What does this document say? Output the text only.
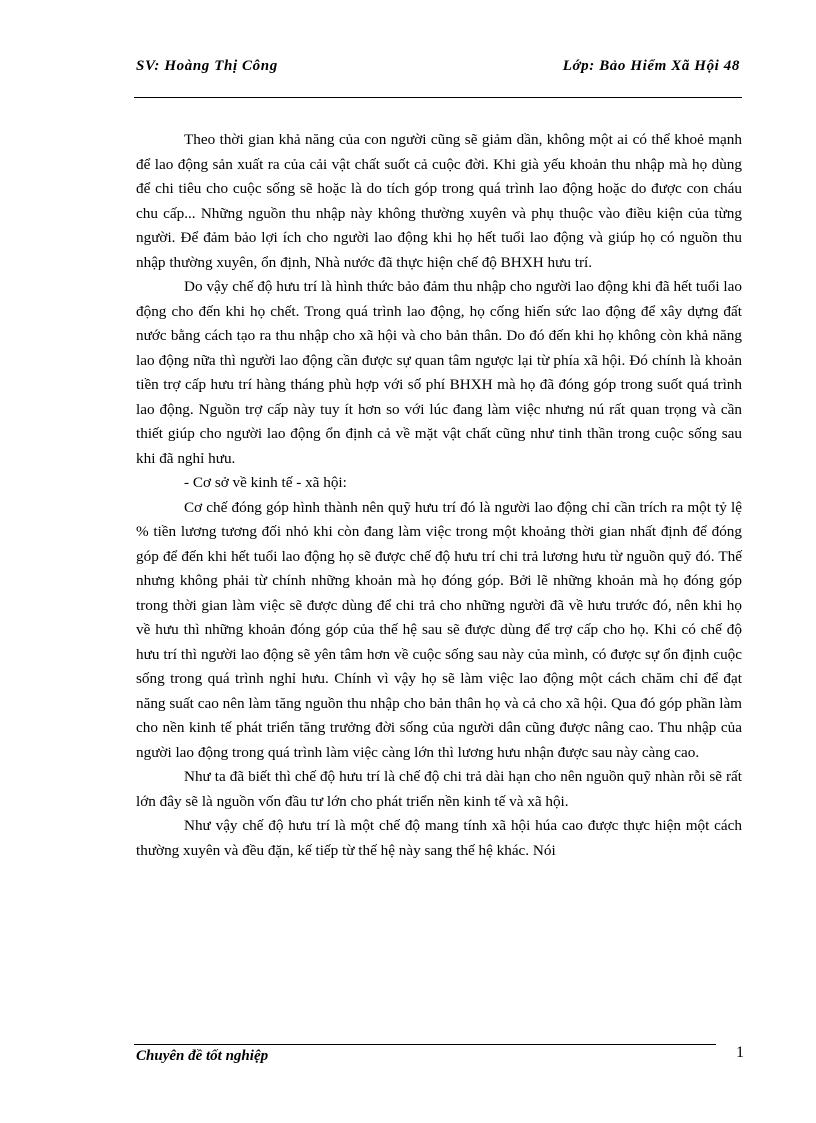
SV: Hoàng Thị Công	Lớp: Bảo Hiểm Xã Hội 48

Theo thời gian khả năng của con người cũng sẽ giảm dần, không một ai có thể khoẻ mạnh để lao động sản xuất ra của cải vật chất suốt cả cuộc đời. Khi già yếu khoản thu nhập mà họ dùng để chi tiêu cho cuộc sống sẽ hoặc là do tích góp trong quá trình lao động hoặc do được con cháu chu cấp... Những nguồn thu nhập này không thường xuyên và phụ thuộc vào điều kiện của từng người. Để đảm bảo lợi ích cho người lao động khi họ hết tuổi lao động và giúp họ có nguồn thu nhập thường xuyên, ổn định, Nhà nước đã thực hiện chế độ BHXH hưu trí.

Do vậy chế độ hưu trí là hình thức bảo đảm thu nhập cho người lao động khi đã hết tuổi lao động cho đến khi họ chết. Trong quá trình lao động, họ cống hiến sức lao động để xây dựng đất nước bằng cách tạo ra thu nhập cho xã hội và cho bản thân. Do đó đến khi họ không còn khả năng lao động nữa thì người lao động cần được sự quan tâm ngược lại từ phía xã hội. Đó chính là khoản tiền trợ cấp hưu trí hàng tháng phù hợp với số phí BHXH mà họ đã đóng góp trong suốt quá trình lao động. Nguồn trợ cấp này tuy ít hơn so với lúc đang làm việc nhưng nú rất quan trọng và cần thiết giúp cho người lao động ổn định cả về mặt vật chất cũng như tinh thần trong cuộc sống sau khi đã nghỉ hưu.

- Cơ sở về kinh tế - xã hội:

Cơ chế đóng góp hình thành nên quỹ hưu trí đó là người lao động chỉ cần trích ra một tỷ lệ % tiền lương tương đối nhỏ khi còn đang làm việc trong một khoảng thời gian nhất định để đóng góp để đến khi hết tuổi lao động họ sẽ được chế độ hưu trí chi trả lương hưu từ nguồn quỹ đó. Thế nhưng không phải từ chính những khoản mà họ đóng góp. Bởi lẽ những khoản mà họ đóng góp trong thời gian làm việc sẽ được dùng để chi trả cho những người đã về hưu trước đó, nên khi họ về hưu thì những khoản đóng góp của thế hệ sau sẽ được dùng để trợ cấp cho họ. Khi có chế độ hưu trí thì người lao động sẽ yên tâm hơn về cuộc sống sau này của mình, có được sự ổn định cuộc sống trong quá trình nghỉ hưu. Chính vì vậy họ sẽ làm việc lao động một cách chăm chỉ để đạt năng suất cao nên làm tăng nguồn thu nhập cho bản thân họ và cả cho xã hội. Qua đó góp phần làm cho nền kinh tế phát triển tăng trưởng đời sống của người dân cũng được nâng cao. Thu nhập của người lao động trong quá trình làm việc càng lớn thì lương hưu nhận được sau này càng cao.

Như ta đã biết thì chế độ hưu trí là chế độ chi trả dài hạn cho nên nguồn quỹ nhàn rỗi sẽ rất lớn đây sẽ là nguồn vốn đầu tư lớn cho phát triển nền kinh tế và xã hội.

Như vậy chế độ hưu trí là một chế độ mang tính xã hội húa cao được thực hiện một cách thường xuyên và đều đặn, kế tiếp từ thế hệ này sang thế hệ khác. Nói

Chuyên đề tốt nghiệp	1
